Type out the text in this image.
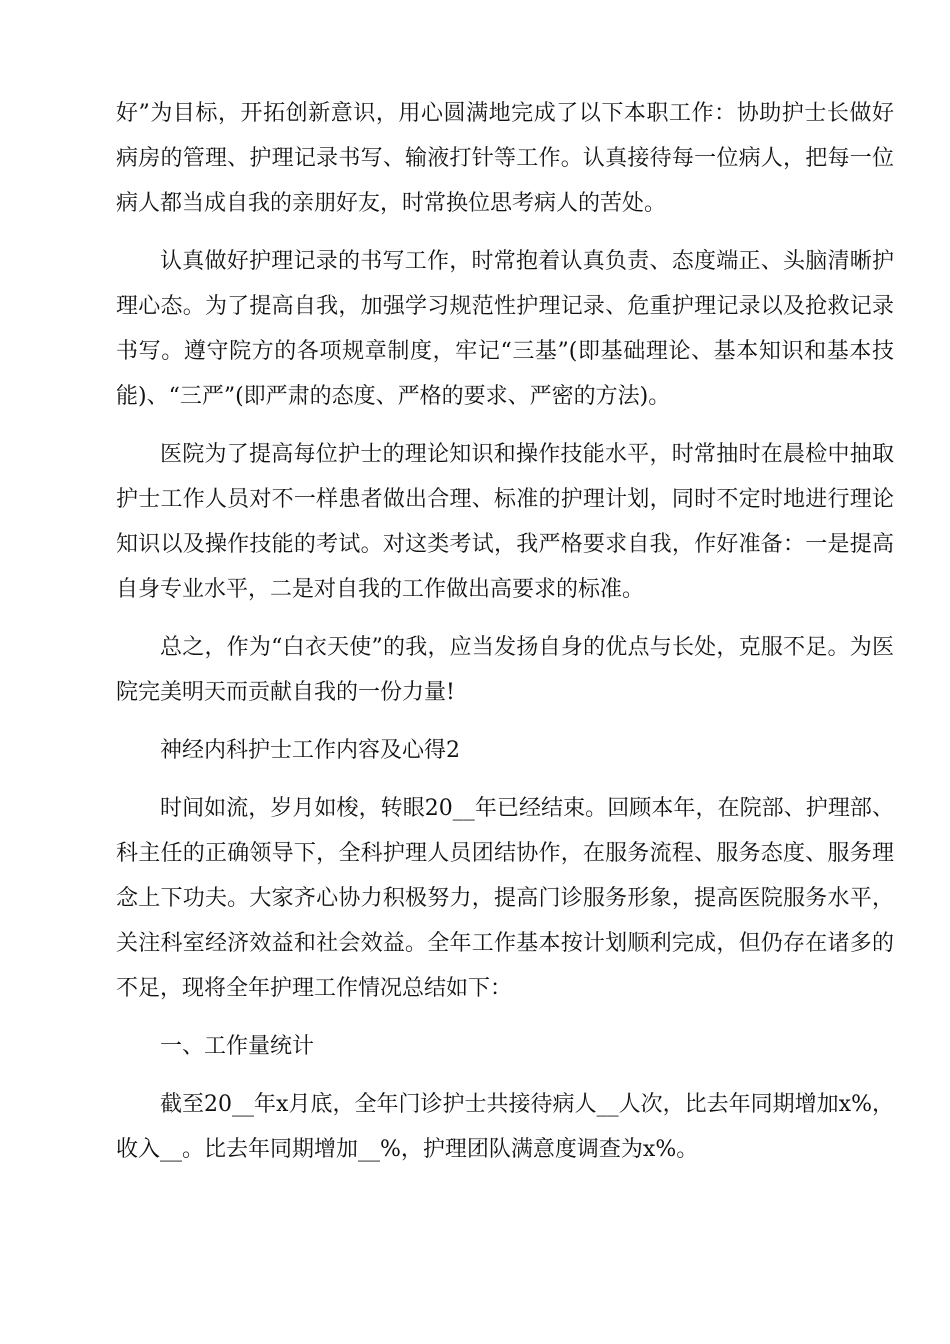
好”为目标，开拓创新意识，用心圆满地完成了以下本职工作：协助护士长做好病房的管理、护理记录书写、输液打针等工作。认真接待每一位病人，把每一位病人都当成自我的亲朋好友，时常换位思考病人的苦处。

认真做好护理记录的书写工作，时常抱着认真负责、态度端正、头脑清晰护理心态。为了提高自我，加强学习规范性护理记录、危重护理记录以及抢救记录书写。遵守院方的各项规章制度，牢记“三基”(即基础理论、基本知识和基本技能)、“三严”(即严肃的态度、严格的要求、严密的方法)。

医院为了提高每位护士的理论知识和操作技能水平，时常抽时在晨检中抽取护士工作人员对不一样患者做出合理、标准的护理计划，同时不定时地进行理论知识以及操作技能的考试。对这类考试，我严格要求自我，作好准备：一是提高自身专业水平，二是对自我的工作做出高要求的标准。

总之，作为“白衣天使”的我，应当发扬自身的优点与长处，克服不足。为医院完美明天而贡献自我的一份力量!

神经内科护士工作内容及心得2

时间如流，岁月如梭，转眼20__年已经结束。回顾本年，在院部、护理部、科主任的正确领导下，全科护理人员团结协作，在服务流程、服务态度、服务理念上下功夫。大家齐心协力积极努力，提高门诊服务形象，提高医院服务水平，关注科室经济效益和社会效益。全年工作基本按计划顺利完成，但仍存在诸多的不足，现将全年护理工作情况总结如下：

一、工作量统计

截至20__年x月底，全年门诊护士共接待病人__人次，比去年同期增加x%，收入__。比去年同期增加__%，护理团队满意度调查为x%。
